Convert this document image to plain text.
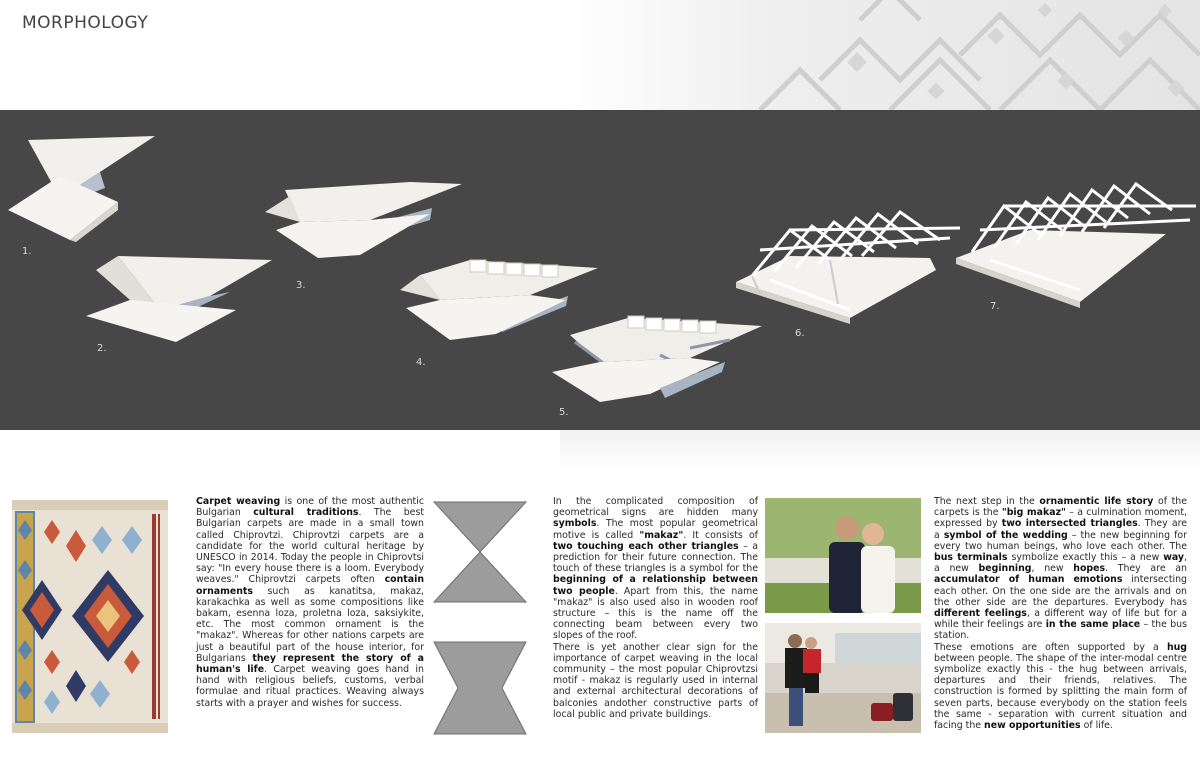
MORPHOLOGY
1.
2.
3.
4.
5.
6.
7.

Carpet weaving is one of the most authentic Bulgarian cultural traditions. The best Bulgarian carpets are made in a small town called Chiprovtzi. Chiprovtzi carpets are a candidate for the world cultural heritage by UNESCO in 2014. Today the people in Chiprovtsi say: "In every house there is a loom. Everybody weaves." Chiprovtzi carpets often contain ornaments such as kanatitsa, makaz, karakachka as well as some compositions like bakam, esenna loza, proletna loza, saksiykite, etc. The most common ornament is the "makaz". Whereas for other nations carpets are just a beautiful part of the house interior, for Bulgarians they represent the story of a human's life. Carpet weaving goes hand in hand with religious beliefs, customs, verbal formulae and ritual practices. Weaving always starts with a prayer and wishes for success.

In the complicated composition of geometrical signs are hidden many symbols. The most popular geometrical motive is called "makaz". It consists of two touching each other triangles – a prediction for their future connection. The touch of these triangles is a symbol for the beginning of a relationship between two people. Apart from this, the name "makaz" is also used also in wooden roof structure – this is the name off the connecting beam between every two slopes of the roof.
There is yet another clear sign for the importance of carpet weaving in the local community – the most popular Chiprovtzsi motif - makaz is regularly used in internal and external architectural decorations of balconies andother constructive parts of local public and private buildings.

The next step in the ornamentic life story of the carpets is the "big makaz" – a culmination moment, expressed by two intersected triangles. They are a symbol of the wedding – the new beginning for every two human beings, who love each other. The bus terminals symbolize exactly this – a new way, a new beginning, new hopes. They are an accumulator of human emotions intersecting each other. On the one side are the arrivals and on the other side are the departures. Everybody has different feelings, a different way of life but for a while their feelings are in the same place – the bus station.
These emotions are often supported by a hug between people. The shape of the inter-modal centre symbolize exactly this - the hug between arrivals, departures and their friends, relatives. The construction is formed by splitting the main form of seven parts, because everybody on the station feels the same - separation with current situation and facing the new opportunities of life.
